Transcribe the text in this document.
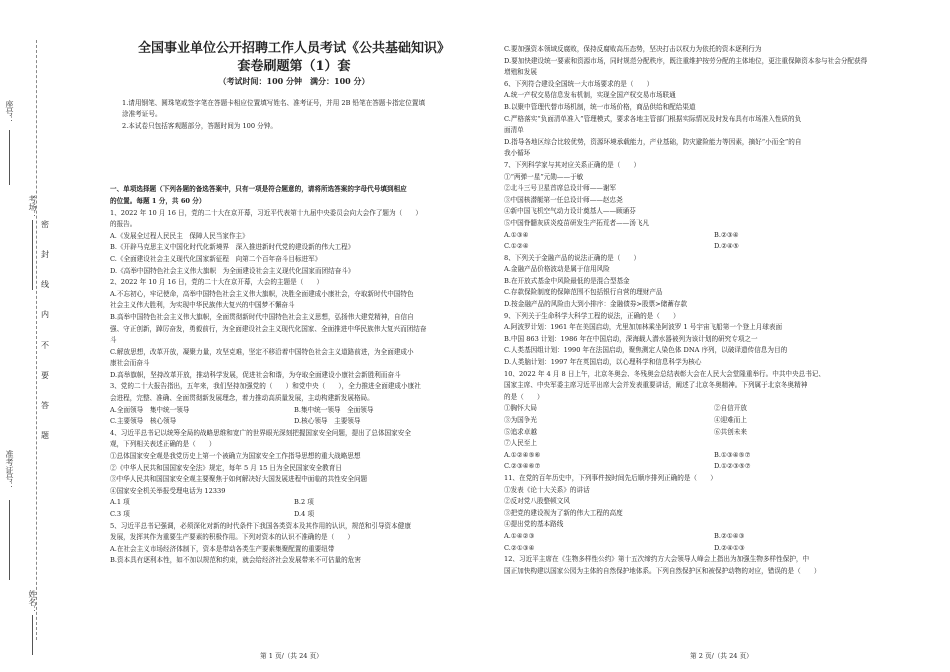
座号：
考场：
准考证号：
姓名：
密
封
线
内
不
要
答
题

全国事业单位公开招聘工作人员考试《公共基础知识》

套卷刷题第（1）套

（考试时间：100 分钟　满分：100 分）

1.请用钢笔、圆珠笔或签字笔在答题卡相应位置填写姓名、准考证号，并用 2B 铅笔在答题卡指定位置填

涂准考证号。

2.本试卷只包括客观题部分，答题时间为 100 分钟。

一、单项选择题（下列各题的备选答案中，只有一项是符合题意的，请将所选答案的字母代号填到相应

的位置。每题 1 分，共 60 分）

1、2022 年 10 月 16 日，党的二十大在京开幕，习近平代表第十九届中央委员会向大会作了题为（　　）

的报告。

A.《发展全过程人民民主　保障人民当家作主》

B.《开辟马克思主义中国化时代化新境界　深入推进新时代党的建设新的伟大工程》

C.《全面建设社会主义现代化国家新征程　向第二个百年奋斗目标进军》

D.《高举中国特色社会主义伟大旗帜　为全面建设社会主义现代化国家而团结奋斗》

2、2022 年 10 月 16 日，党的二十大在京开幕，大会的主题是（　　）

A.不忘初心，牢记使命，高举中国特色社会主义伟大旗帜，决胜全面建成小康社会，夺取新时代中国特色

社会主义伟大胜利，为实现中华民族伟大复兴的中国梦不懈奋斗

B.高举中国特色社会主义伟大旗帜，全面贯彻新时代中国特色社会主义思想，弘扬伟大建党精神，自信自

强、守正创新，踔厉奋发，勇毅前行，为全面建设社会主义现代化国家、全面推进中华民族伟大复兴而团结奋

斗

C.解放思想，改革开放，凝聚力量，攻坚克难，坚定不移沿着中国特色社会主义道路前进，为全面建成小

康社会而奋斗

D.高举旗帜，坚持改革开放，推动科学发展，促进社会和谐，为夺取全面建设小康社会新胜利而奋斗

3、党的二十大报告指出，五年来，我们坚持加强党的（　　）和党中央（　　），全力推进全面建成小康社

会进程，完整、准确、全面贯彻新发展理念，着力推动高质量发展，主动构建新发展格局。

A.全面领导　集中统一领导	B.集中统一领导　全面领导
C.主要领导　核心领导	D.核心领导　主要领导

4、习近平总书记以统筹全局的战略思维和宽广的世界眼光深刻把握国家安全问题，提出了总体国家安全

观，下列相关表述正确的是（　　）

①总体国家安全观是我党历史上第一个被确立为国家安全工作指导思想的重大战略思想

②《中华人民共和国国家安全法》规定，每年 5 月 15 日为全民国家安全教育日

③中华人民共和国国家安全观主要聚焦于如何解决好大国发展进程中面临的共性安全问题

④国家安全机关举报受理电话为 12339

A.1 项	B.2 项
C.3 项	D.4 项

5、习近平总书记强调，必须深化对新的时代条件下我国各类资本及其作用的认识，规范和引导资本健康

发展，发挥其作为重要生产要素的积极作用。下列对资本的认识不准确的是（　　）

A.在社会主义市场经济体制下，资本是带动各类生产要素集聚配置的重要纽带

B.资本具有逐利本性，如不加以规范和约束，就会给经济社会发展带来不可估量的危害

第 1 页/（共 24 页）

C.要加强资本领域反腐败，保持反腐败高压态势，坚决打击以权力为依托的资本逐利行为

D.要加快建设统一要素和资源市场，同时规范分配秩序，既注重维护按劳分配的主体地位，更注重保障资本参与社会分配获得

增殖和发展

6、下列符合建设全国统一大市场要求的是（　　）

A.统一产权交易信息发布机制，实现全国产权交易市场联通

B.以聚中管理代替市场机制，统一市场价格，商品供给和配给渠道

C.严格落实“负面清单准入”管理模式，要求各地主管部门根据实际情况及时发布具有市场准入性质的负

面清单

D.指导各地区综合比较优势，资源环境承载能力，产业基础，防灾避险能力等因素，摘好“小而全”的自

我小循环

7、下列科学家与其对应关系正确的是（　　）

①“两弹一星”元勋——于敏

②北斗三号卫星首席总设计师——谢军

③中国核潜艇第一任总设计师——赵忠尧

④新中国飞机空气动力设计奠基人——顾诵芬

⑤中国脊髓灰质炎疫苗研发生产拓荒者——汤飞凡

A.①③④	B.②③④
C.①②④	D.②④⑤

8、下列关于金融产品的说法正确的是（　　）

A.金融产品价格波动是属于信用风险

B.在开放式基金中风险最低的是混合型基金

C.存款保险制度的保障范围不包括银行自营的理财产品

D.按金融产品的风险由大到小排序：金融债券>股票>储蓄存款

9、下列关于生命科学大科学工程的说法，正确的是（　　）

A.阿波罗计划：1961 年在美国启动，尤里加加林乘坐阿波罗 1 号宇宙飞船第一个登上月球表面

B.中国 863 计划：1986 年在中国启动，深海载人潜水器被列为该计划的研究专项之一

C.人类基因组计划：1990 年在法国启动，聚焦测定人染色体 DNA 序列，以破译遗传信息为目的

D.人类脑计划：1997 年在英国启动，以心理科学和信息科学为核心

10、2022 年 4 月 8 日上午，北京冬奥会、冬残奥会总结表彰大会在人民大会堂隆重举行。中共中央总书记、

国家主席、中央军委主席习近平出席大会并发表重要讲话，阐述了北京冬奥精神。下列属于北京冬奥精神

的是（　　）

①胸怀大局	②自信开放
③为国争光	④迎难而上
⑤追求卓越	⑥共创未来

⑦人民至上

A.①②④⑤⑥	B.①③④⑤⑦
C.②③④⑥⑦	D.①②③⑤⑦

11、在党的百年历史中，下列事件按时间先后顺序排列正确的是（　　）

①发表《论十大关系》的讲话

②反对党八股整顿文风

③把党的建设视为了新的伟大工程的高度

④提出党的基本路线

A.①④②③	B.②①④③
C.②①③④	D.②④①③

12、习近平主席在《生物多样性公约》第十五次缔约方大会领导人峰会上指出为加强生物多样性保护，中

国正加快构建以国家公园为主体的自然保护地体系。下列自然保护区和被保护动物的对应，错误的是（　　）

第 2 页/（共 24 页）
